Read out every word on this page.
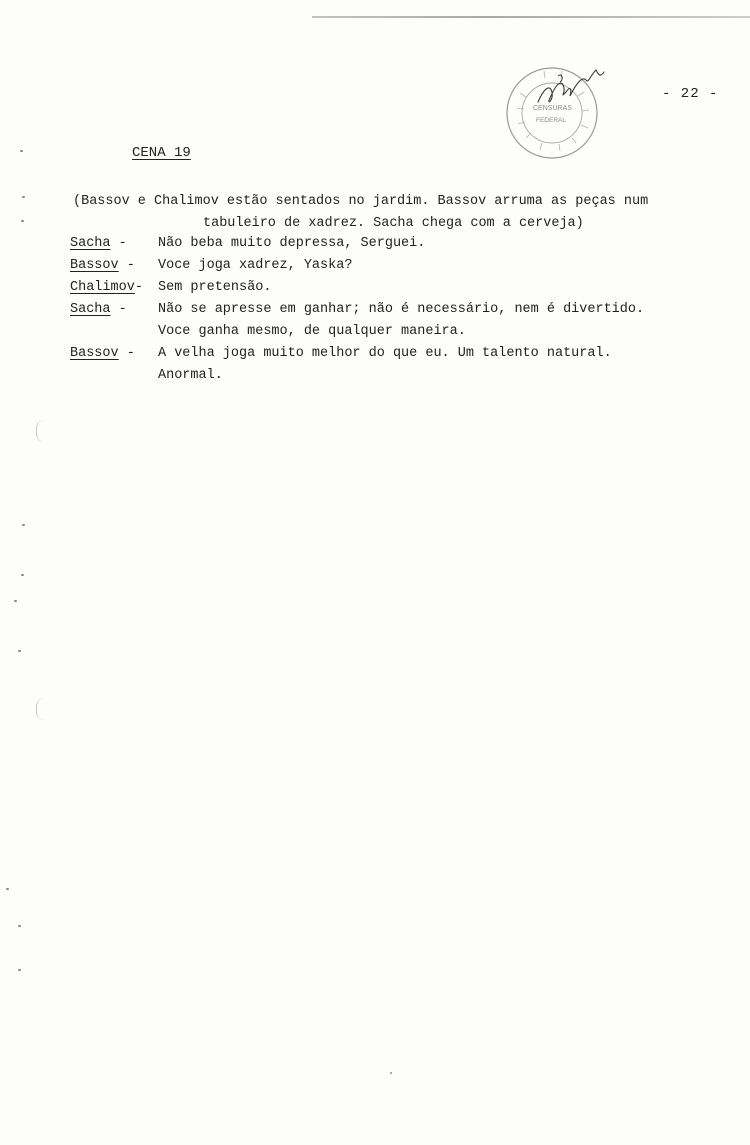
CENSURAS
FEDERAL
- 22 -
CENA 19
(Bassov e Chalimov estão sentados no jardim. Bassov arruma as peças num
tabuleiro de xadrez. Sacha chega com a cerveja)
Sacha -	Não beba muito depressa, Serguei.
Bassov -	Voce joga xadrez, Yaska?
Chalimov-	Sem pretensão.
Sacha -	Não se apresse em ganhar; não é necessário, nem é divertido.
Voce ganha mesmo, de qualquer maneira.
Bassov -	A velha joga muito melhor do que eu. Um talento natural.
Anormal.
